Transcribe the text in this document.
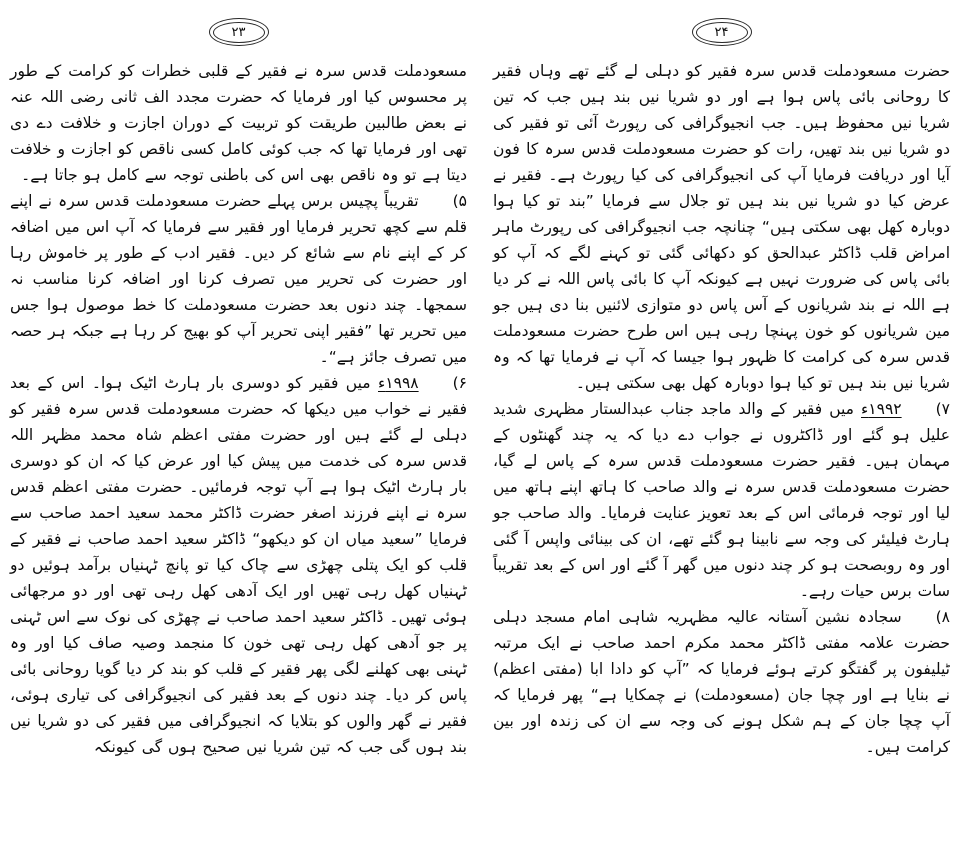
۲۴

حضرت مسعودملت قدس سرہ فقیر کو دہلی لے گئے تھے وہاں فقیر کا روحانی بائی پاس ہوا ہے اور دو شریا نیں بند ہیں جب کہ تین شریا نیں محفوظ ہیں۔ جب انجیوگرافی کی رپورٹ آئی تو فقیر کی دو شریا نیں بند تھیں، رات کو حضرت مسعودملت قدس سرہ کا فون آیا اور دریافت فرمایا آپ کی انجیوگرافی کی کیا رپورٹ ہے۔ فقیر نے عرض کیا دو شریا نیں بند ہیں تو جلال سے فرمایا ”بند تو کیا ہوا دوبارہ کھل بھی سکتی ہیں“ چنانچہ جب انجیوگرافی کی رپورٹ ماہر امراض قلب ڈاکٹر عبدالحق کو دکھائی گئی تو کہنے لگے کہ آپ کو بائی پاس کی ضرورت نہیں ہے کیونکہ آپ کا بائی پاس اللہ نے کر دیا ہے اللہ نے بند شریانوں کے آس پاس دو متوازی لائنیں بنا دی ہیں جو مین شریانوں کو خون پہنچا رہی ہیں اس طرح حضرت مسعودملت قدس سرہ کی کرامت کا ظہور ہوا جیسا کہ آپ نے فرمایا تھا کہ وہ شریا نیں بند ہیں تو کیا ہوا دوبارہ کھل بھی سکتی ہیں۔

۷)۱۹۹۲ء میں فقیر کے والد ماجد جناب عبدالستار مظہری شدید علیل ہو گئے اور ڈاکٹروں نے جواب دے دیا کہ یہ چند گھنٹوں کے مہمان ہیں۔ فقیر حضرت مسعودملت قدس سرہ کے پاس لے گیا، حضرت مسعودملت قدس سرہ نے والد صاحب کا ہاتھ اپنے ہاتھ میں لیا اور توجہ فرمائی اس کے بعد تعویز عنایت فرمایا۔ والد صاحب جو ہارٹ فیلیئر کی وجہ سے نابینا ہو گئے تھے، ان کی بینائی واپس آ گئی اور وہ روبصحت ہو کر چند دنوں میں گھر آ گئے اور اس کے بعد تقریباً سات برس حیات رہے۔

۸)سجادہ نشین آستانہ عالیہ مظہریہ شاہی امام مسجد دہلی حضرت علامہ مفتی ڈاکٹر محمد مکرم احمد صاحب نے ایک مرتبہ ٹیلیفون پر گفتگو کرتے ہوئے فرمایا کہ ”آپ کو دادا ابا (مفتی اعظم) نے بنایا ہے اور چچا جان (مسعودملت) نے چمکایا ہے“ پھر فرمایا کہ آپ چچا جان کے ہم شکل ہونے کی وجہ سے ان کی زندہ اور بین کرامت ہیں۔

۲۳

مسعودملت قدس سرہ نے فقیر کے قلبی خطرات کو کرامت کے طور پر محسوس کیا اور فرمایا کہ حضرت مجدد الف ثانی رضی اللہ عنہ نے بعض طالبین طریقت کو تربیت کے دوران اجازت و خلافت دے دی تھی اور فرمایا تھا کہ جب کوئی کامل کسی ناقص کو اجازت و خلافت دیتا ہے تو وہ ناقص بھی اس کی باطنی توجہ سے کامل ہو جاتا ہے۔

۵)تقریباً پچیس برس پہلے حضرت مسعودملت قدس سرہ نے اپنے قلم سے کچھ تحریر فرمایا اور فقیر سے فرمایا کہ آپ اس میں اضافہ کر کے اپنے نام سے شائع کر دیں۔ فقیر ادب کے طور پر خاموش رہا اور حضرت کی تحریر میں تصرف کرنا اور اضافہ کرنا مناسب نہ سمجھا۔ چند دنوں بعد حضرت مسعودملت کا خط موصول ہوا جس میں تحریر تھا ”فقیر اپنی تحریر آپ کو بھیج کر رہا ہے جبکہ ہر حصہ میں تصرف جائز ہے“۔

۶)۱۹۹۸ء میں فقیر کو دوسری بار ہارٹ اٹیک ہوا۔ اس کے بعد فقیر نے خواب میں دیکھا کہ حضرت مسعودملت قدس سرہ فقیر کو دہلی لے گئے ہیں اور حضرت مفتی اعظم شاہ محمد مظہر اللہ قدس سرہ کی خدمت میں پیش کیا اور عرض کیا کہ ان کو دوسری بار ہارٹ اٹیک ہوا ہے آپ توجہ فرمائیں۔ حضرت مفتی اعظم قدس سرہ نے اپنے فرزند اصغر حضرت ڈاکٹر محمد سعید احمد صاحب سے فرمایا ”سعید میاں ان کو دیکھو“ ڈاکٹر سعید احمد صاحب نے فقیر کے قلب کو ایک پتلی چھڑی سے چاک کیا تو پانچ ٹہنیاں برآمد ہوئیں دو ٹہنیاں کھل رہی تھیں اور ایک آدھی کھل رہی تھی اور دو مرجھائی ہوئی تھیں۔ ڈاکٹر سعید احمد صاحب نے چھڑی کی نوک سے اس ٹہنی پر جو آدھی کھل رہی تھی خون کا منجمد وصیہ صاف کیا اور وہ ٹہنی بھی کھلنے لگی پھر فقیر کے قلب کو بند کر دیا گویا روحانی بائی پاس کر دیا۔ چند دنوں کے بعد فقیر کی انجیوگرافی کی تیاری ہوئی، فقیر نے گھر والوں کو بتلایا کہ انجیوگرافی میں فقیر کی دو شریا نیں بند ہوں گی جب کہ تین شریا نیں صحیح ہوں گی کیونکہ
